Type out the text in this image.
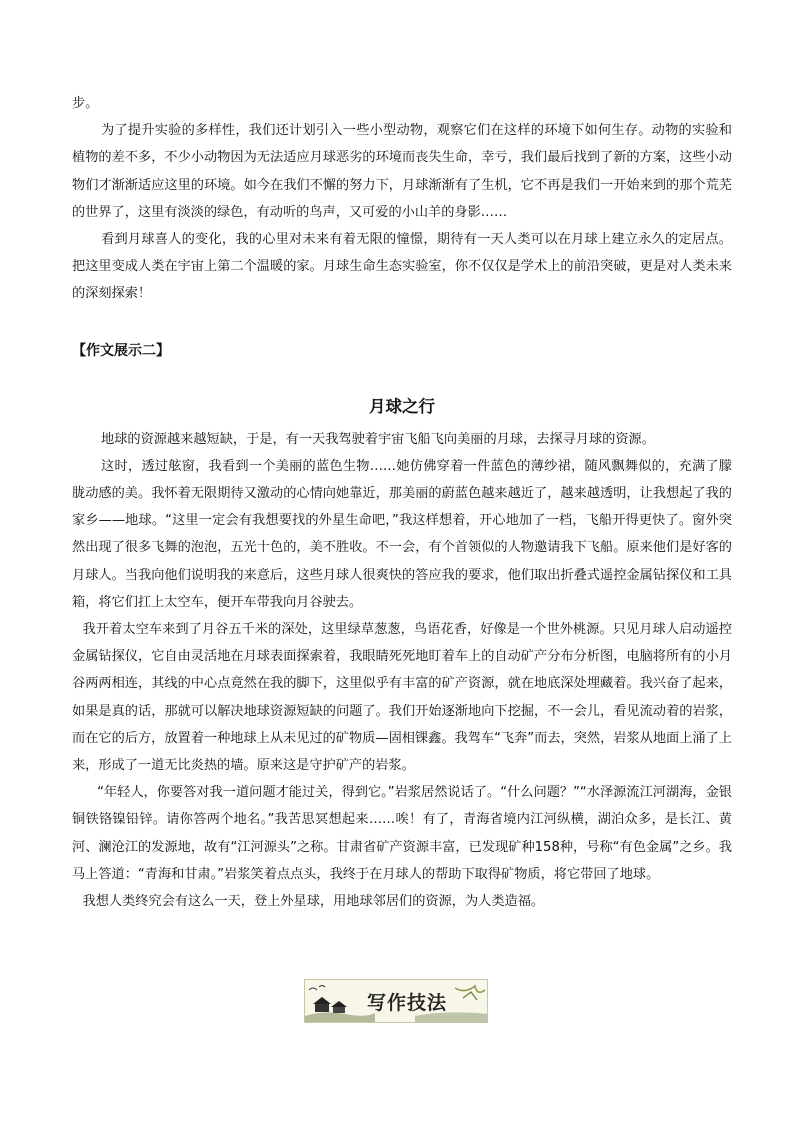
步。

为了提升实验的多样性，我们还计划引入一些小型动物，观察它们在这样的环境下如何生存。动物的实验和植物的差不多，不少小动物因为无法适应月球恶劣的环境而丧失生命，幸亏，我们最后找到了新的方案，这些小动物们才渐渐适应这里的环境。如今在我们不懈的努力下，月球渐渐有了生机，它不再是我们一开始来到的那个荒芜的世界了，这里有淡淡的绿色，有动听的鸟声，又可爱的小山羊的身影……

看到月球喜人的变化，我的心里对未来有着无限的憧憬，期待有一天人类可以在月球上建立永久的定居点。把这里变成人类在宇宙上第二个温暖的家。月球生命生态实验室，你不仅仅是学术上的前沿突破，更是对人类未来的深刻探索！

【作文展示二】
月球之行

地球的资源越来越短缺，于是，有一天我驾驶着宇宙飞船飞向美丽的月球，去探寻月球的资源。

这时，透过舷窗，我看到一个美丽的蓝色生物……她仿佛穿着一件蓝色的薄纱裙，随风飘舞似的，充满了朦胧动感的美。我怀着无限期待又激动的心情向她靠近，那美丽的蔚蓝色越来越近了，越来越透明，让我想起了我的家乡——地球。“这里一定会有我想要找的外星生命吧，”我这样想着，开心地加了一档，飞船开得更快了。窗外突然出现了很多飞舞的泡泡，五光十色的，美不胜收。不一会，有个首领似的人物邀请我下飞船。原来他们是好客的月球人。当我向他们说明我的来意后，这些月球人很爽快的答应我的要求，他们取出折叠式遥控金属钻探仪和工具箱，将它们扛上太空车，便开车带我向月谷驶去。

我开着太空车来到了月谷五千米的深处，这里绿草葱葱，鸟语花香，好像是一个世外桃源。只见月球人启动遥控金属钻探仪，它自由灵活地在月球表面探索着，我眼睛死死地盯着车上的自动矿产分布分析图，电脑将所有的小月谷两两相连，其线的中心点竟然在我的脚下，这里似乎有丰富的矿产资源，就在地底深处埋藏着。我兴奋了起来，如果是真的话，那就可以解决地球资源短缺的问题了。我们开始逐渐地向下挖掘，不一会儿，看见流动着的岩浆，而在它的后方，放置着一种地球上从未见过的矿物质—固相锞鑫。我驾车“飞奔”而去，突然，岩浆从地面上涌了上来，形成了一道无比炎热的墙。原来这是守护矿产的岩浆。

“年轻人，你要答对我一道问题才能过关，得到它。”岩浆居然说话了。“什么问题？”“水泽源流江河湖海，金银铜铁铬镍铅锌。请你答两个地名。”我苦思冥想起来……唉！有了，青海省境内江河纵横，湖泊众多，是长江、黄河、澜沧江的发源地，故有“江河源头”之称。甘肃省矿产资源丰富，已发现矿种158种，号称“有色金属”之乡。我马上答道：“青海和甘肃。”岩浆笑着点点头，我终于在月球人的帮助下取得矿物质，将它带回了地球。

我想人类终究会有这么一天，登上外星球，用地球邻居们的资源，为人类造福。

写作技法
